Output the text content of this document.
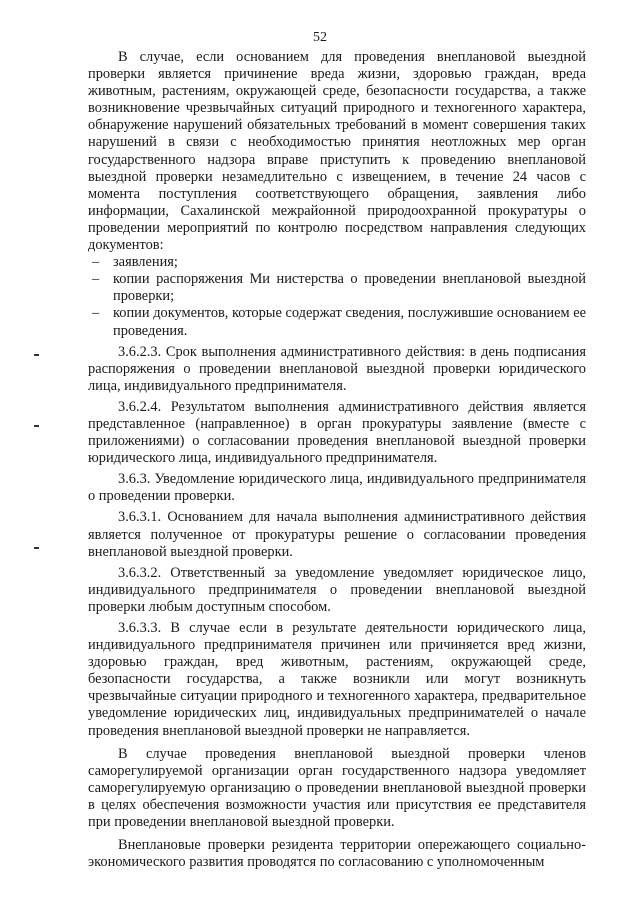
52

В случае, если основанием для проведения внеплановой выездной проверки является причинение вреда жизни, здоровью граждан, вреда животным, растениям, окружающей среде, безопасности государства, а также возникновение чрезвычайных ситуаций природного и техногенного характера, обнаружение нарушений обязательных требований в момент совершения таких нарушений в связи с необходимостью принятия неотложных мер орган государственного надзора вправе приступить к проведению внеплановой выездной проверки незамедлительно с извещением, в течение 24 часов с момента поступления соответствующего обращения, заявления либо информации, Сахалинской межрайонной природоохранной прокуратуры о проведении мероприятий по контролю посредством направления следующих документов:

– заявления;
– копии распоряжения Ми нистерства о проведении внеплановой выездной проверки;
– копии документов, которые содержат сведения, послужившие основанием ее проведения.

3.6.2.3. Срок выполнения административного действия: в день подписания распоряжения о проведении внеплановой выездной проверки юридического лица, индивидуального предпринимателя.

3.6.2.4. Результатом выполнения административного действия является представленное (направленное) в орган прокуратуры заявление (вместе с приложениями) о согласовании проведения внеплановой выездной проверки юридического лица, индивидуального предпринимателя.

3.6.3. Уведомление юридического лица, индивидуального предпринимателя о проведении проверки.

3.6.3.1. Основанием для начала выполнения административного действия является полученное от прокуратуры решение о согласовании проведения внеплановой выездной проверки.

3.6.3.2. Ответственный за уведомление уведомляет юридическое лицо, индивидуального предпринимателя о проведении внеплановой выездной проверки любым доступным способом.

3.6.3.3. В случае если в результате деятельности юридического лица, индивидуального предпринимателя причинен или причиняется вред жизни, здоровью граждан, вред животным, растениям, окружающей среде, безопасности государства, а также возникли или могут возникнуть чрезвычайные ситуации природного и техногенного характера, предварительное уведомление юридических лиц, индивидуальных предпринимателей о начале проведения внеплановой выездной проверки не направляется.

В случае проведения внеплановой выездной проверки членов саморегулируемой организации орган государственного надзора уведомляет саморегулируемую организацию о проведении внеплановой выездной проверки в целях обеспечения возможности участия или присутствия ее представителя при проведении внеплановой выездной проверки.

Внеплановые проверки резидента территории опережающего социально-экономического развития проводятся по согласованию с уполномоченным
